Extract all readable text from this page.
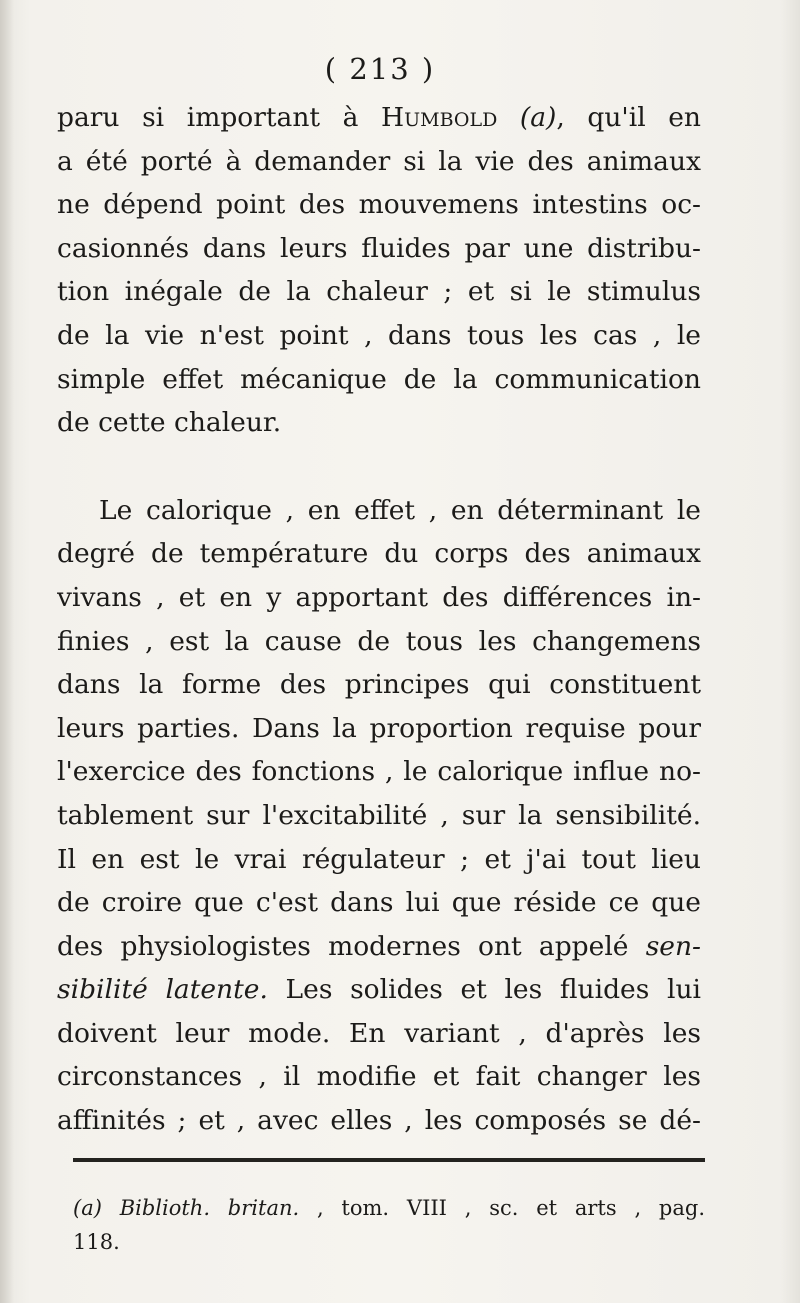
( 213 )
paru si important à Humbold (a), qu'il en
a été porté à demander si la vie des animaux
ne dépend point des mouvemens intestins oc-
casionnés dans leurs fluides par une distribu-
tion inégale de la chaleur ; et si le stimulus
de la vie n'est point , dans tous les cas , le
simple effet mécanique de la communication
de cette chaleur.
Le calorique , en effet , en déterminant le
degré de température du corps des animaux
vivans , et en y apportant des différences in-
finies , est la cause de tous les changemens
dans la forme des principes qui constituent
leurs parties. Dans la proportion requise pour
l'exercice des fonctions , le calorique influe no-
tablement sur l'excitabilité , sur la sensibilité.
Il en est le vrai régulateur ; et j'ai tout lieu
de croire que c'est dans lui que réside ce que
des physiologistes modernes ont appelé sen-
sibilité latente. Les solides et les fluides lui
doivent leur mode. En variant , d'après les
circonstances , il modifie et fait changer les
affinités ; et , avec elles , les composés se dé-
(a) Biblioth. britan. , tom. VIII , sc. et arts , pag.
118.
